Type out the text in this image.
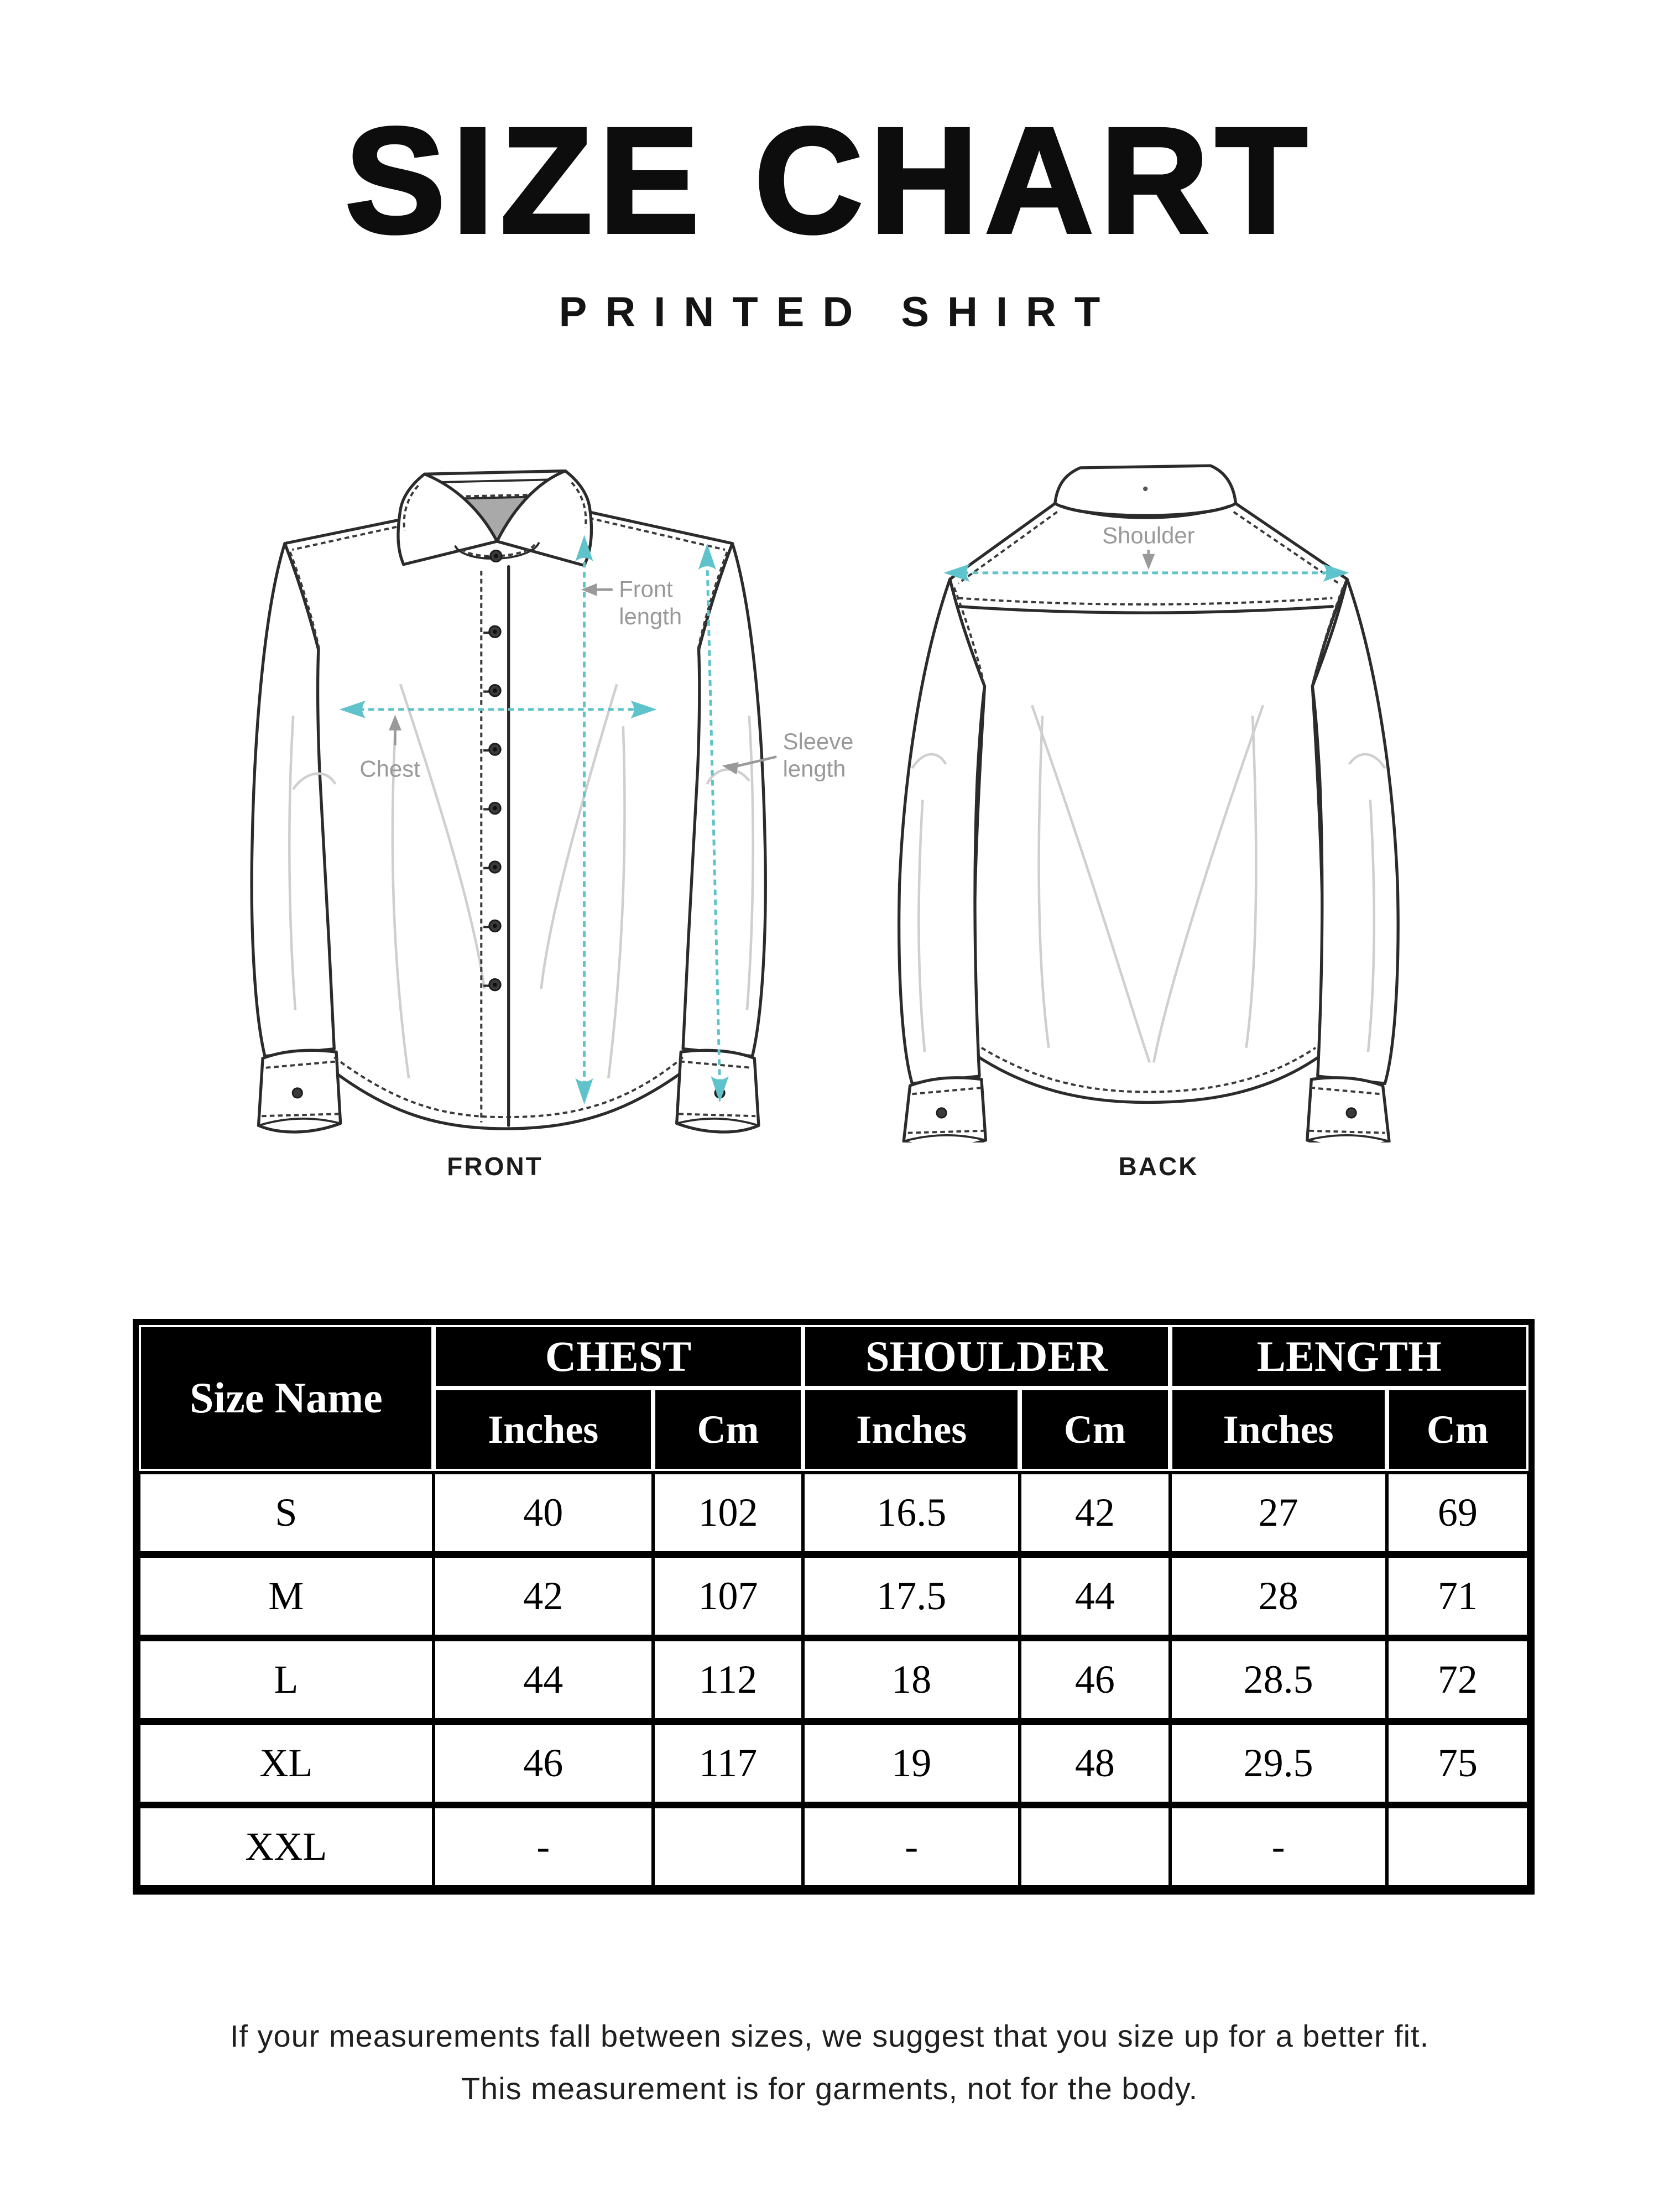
SIZE CHART
PRINTED SHIRT
Front
length
Chest
Sleeve
length
Shoulder
FRONT	BACK
Size Name	CHEST		SHOULDER		LENGTH	
	Inches	Cm	Inches	Cm	Inches	Cm
S	40	102	16.5	42	27	69
M	42	107	17.5	44	28	71
L	44	112	18	46	28.5	72
XL	46	117	19	48	29.5	75
XXL	-		-		-	
If your measurements fall between sizes, we suggest that you size up for a better fit.
This measurement is for garments, not for the body.
